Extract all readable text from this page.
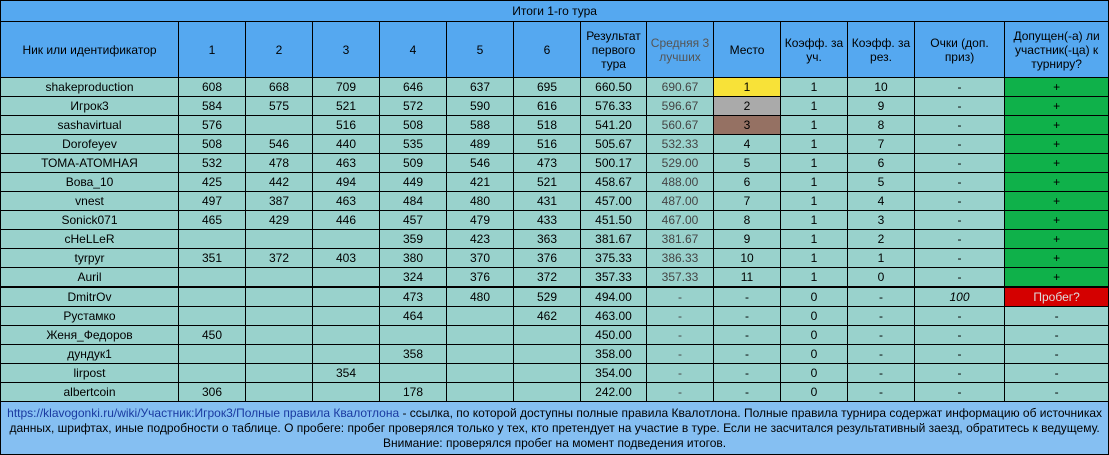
Итоги 1-го тура													
Ник или идентификатор	1	2	3	4	5	6	Результат первого тура	Средняя 3 лучших	Место	Коэфф. за уч.	Коэфф. за рез.	Очки (доп. приз)	Допущен(-а) ли участник(-ца) к турниру?
shakeproduction	608	668	709	646	637	695	660.50	690.67	1	1	10	-	+
Игрок3	584	575	521	572	590	616	576.33	596.67	2	1	9	-	+
sashavirtual	576		516	508	588	518	541.20	560.67	3	1	8	-	+
Dorofeyev	508	546	440	535	489	516	505.67	532.33	4	1	7	-	+
ТОМА-АТОМНАЯ	532	478	463	509	546	473	500.17	529.00	5	1	6	-	+
Вова_10	425	442	494	449	421	521	458.67	488.00	6	1	5	-	+
vnest	497	387	463	484	480	431	457.00	487.00	7	1	4	-	+
Sonick071	465	429	446	457	479	433	451.50	467.00	8	1	3	-	+
cHeLLeR				359	423	363	381.67	381.67	9	1	2	-	+
tyrpyr	351	372	403	380	370	376	375.33	386.33	10	1	1	-	+
Auril				324	376	372	357.33	357.33	11	1	0	-	+
DmitrOv				473	480	529	494.00	-	-	0	-	100	Пробег?
Рустамко				464		462	463.00	-	-	0	-	-	-
Женя_Федоров	450						450.00	-	-	0	-	-	-
дундук1				358			358.00	-	-	0	-	-	-
lirpost			354				354.00	-	-	0	-	-	-
albertcoin	306			178			242.00	-	-	0	-	-	-
https://klavogonki.ru/wiki/Участник:Игрок3/Полные правила Квалотлона - ссылка, по которой доступны полные правила Квалотлона. Полные правила турнира содержат информацию об источниках данных, шрифтах, иные подробности о таблице. О пробеге: пробег проверялся только у тех, кто претендует на участие в туре. Если не засчитался результативный заезд, обратитесь к ведущему. Внимание: проверялся пробег на момент подведения итогов.													
